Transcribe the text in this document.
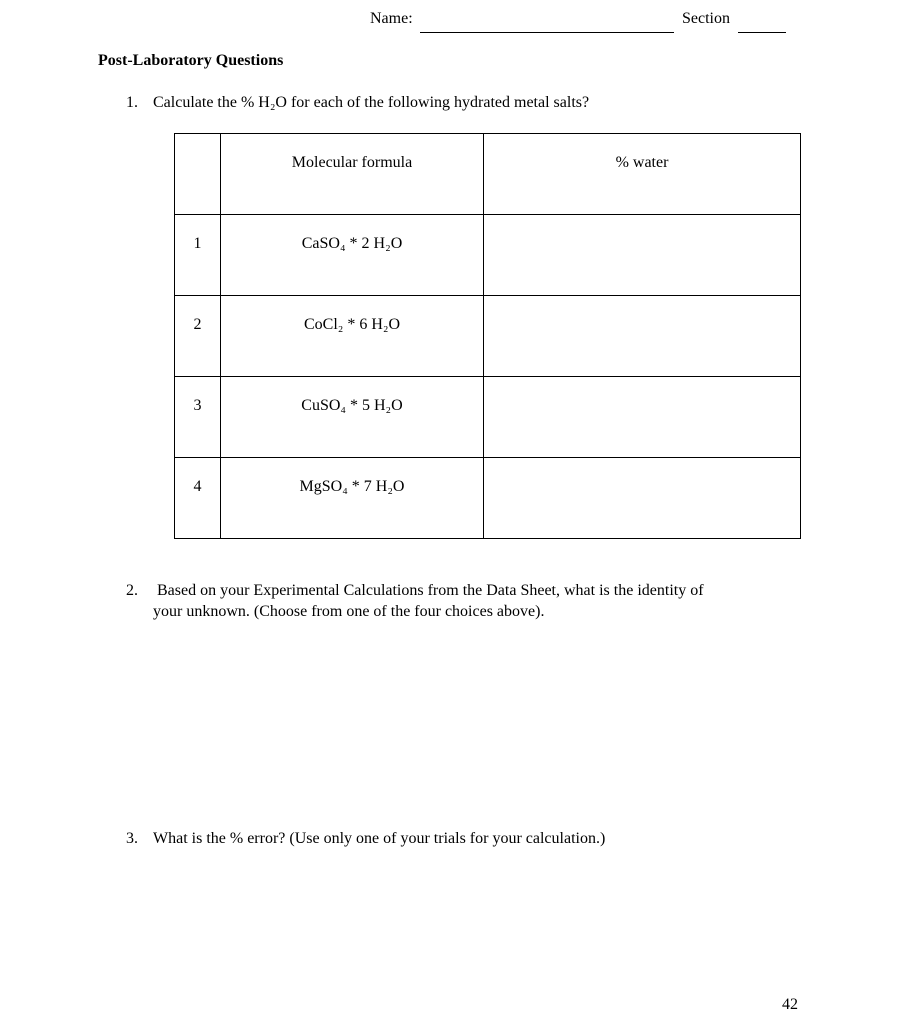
Name:	Section
Post-Laboratory Questions
1. Calculate the % H₂O for each of the following hydrated metal salts?

	Molecular formula	% water

1	CaSO₄ * 2 H₂O	

2	CoCl₂ * 6 H₂O	

3	CuSO₄ * 5 H₂O	

4	MgSO₄ * 7 H₂O	

2. Based on your Experimental Calculations from the Data Sheet, what is the identity of
your unknown. (Choose from one of the four choices above).
3. What is the % error? (Use only one of your trials for your calculation.)
42
